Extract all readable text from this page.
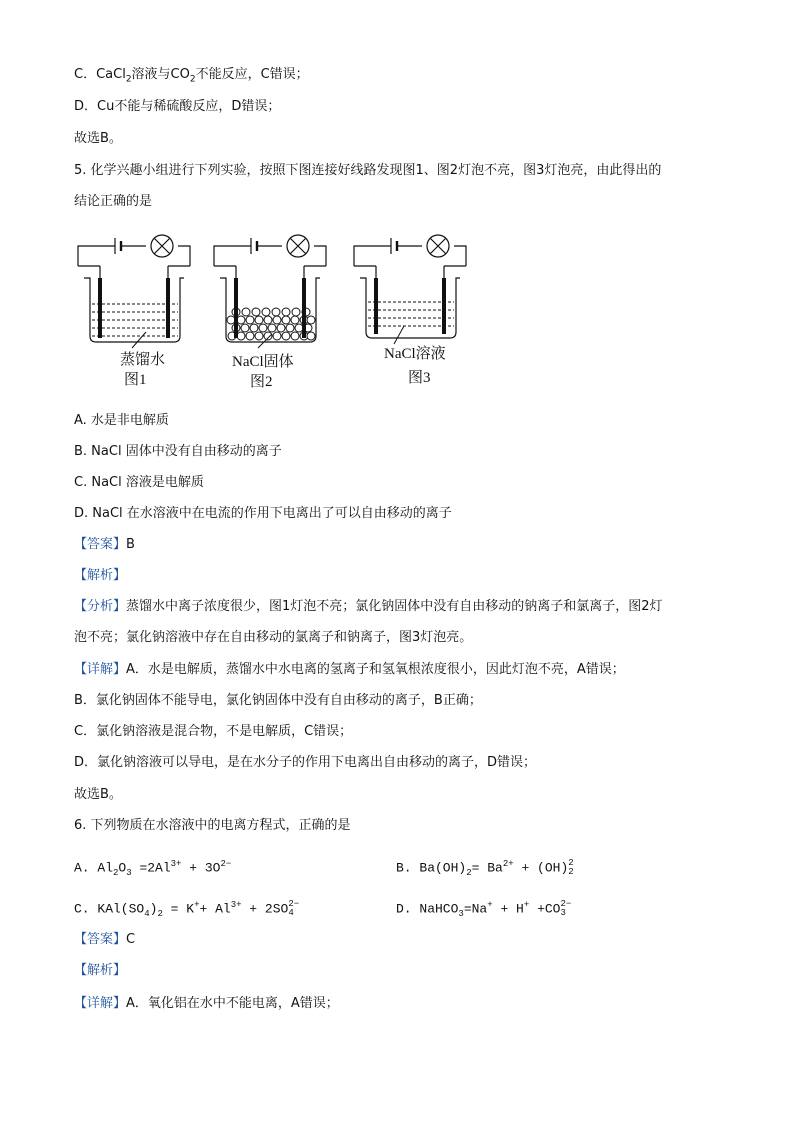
C．CaCl$_2$溶液与$CO_2$不能反应，C错误；
D．Cu不能与稀硫酸反应，D错误；
故选B。
5. 化学兴趣小组进行下列实验，按照下图连接好线路发现图1、图2灯泡不亮，图3灯泡亮，由此得出的
结论正确的是
蒸馏水
图1
NaCl固体
图2
NaCl溶液
图3
A. 水是非电解质
B. NaCl 固体中没有自由移动的离子
C. NaCl 溶液是电解质
D. NaCl 在水溶液中在电流的作用下电离出了可以自由移动的离子
【答案】B
【解析】
【分析】蒸馏水中离子浓度很少，图1灯泡不亮；氯化钠固体中没有自由移动的钠离子和氯离子，图2灯
泡不亮；氯化钠溶液中存在自由移动的氯离子和钠离子，图3灯泡亮。
【详解】A．水是电解质，蒸馏水中水电离的氢离子和氢氧根浓度很小，因此灯泡不亮，A错误；
B．氯化钠固体不能导电，氯化钠固体中没有自由移动的离子，B正确；
C．氯化钠溶液是混合物，不是电解质，C错误；
D．氯化钠溶液可以导电，是在水分子的作用下电离出自由移动的离子，D错误；
故选B。
6. 下列物质在水溶液中的电离方程式，正确的是
A. $Al_2O_3 =2Al^{3+} + 3O^{2-}$	B. $Ba(OH)_2= Ba^{2+} + (OH)2$
2
C. $KAl(SO_4)_2 = K^++ Al^{3+} + 2SO2-$
4	D. NaHCO$_3$=Na+ + H+ +CO2−
3
【答案】C
【解析】
【详解】A．氧化铝在水中不能电离，A错误；
